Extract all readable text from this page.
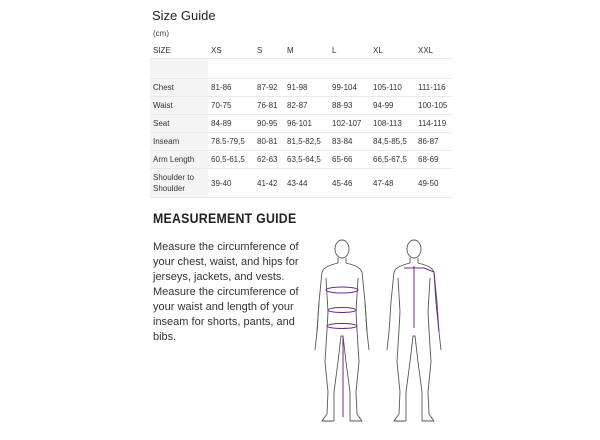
Size Guide
(cm)
SIZE	XS	S	M	L	XL	XXL

Chest	81-86	87-92	91-98	99-104	105-110	111-116
Waist	70-75	76-81	82-87	88-93	94-99	100-105
Seat	84-89	90-95	96-101	102-107	108-113	114-119
Inseam	78.5-79,5	80-81	81,5-82,5	83-84	84,5-85,5	86-87
Arm Length	60,5-61,5	62-63	63,5-64,5	65-66	66,5-67,5	68-69
Shoulder to Shoulder	39-40	41-42	43-44	45-46	47-48	49-50
MEASUREMENT GUIDE
Measure the circumference of your chest, waist, and hips for jerseys, jackets, and vests. Measure the circumference of your waist and length of your inseam for shorts, pants, and bibs.
